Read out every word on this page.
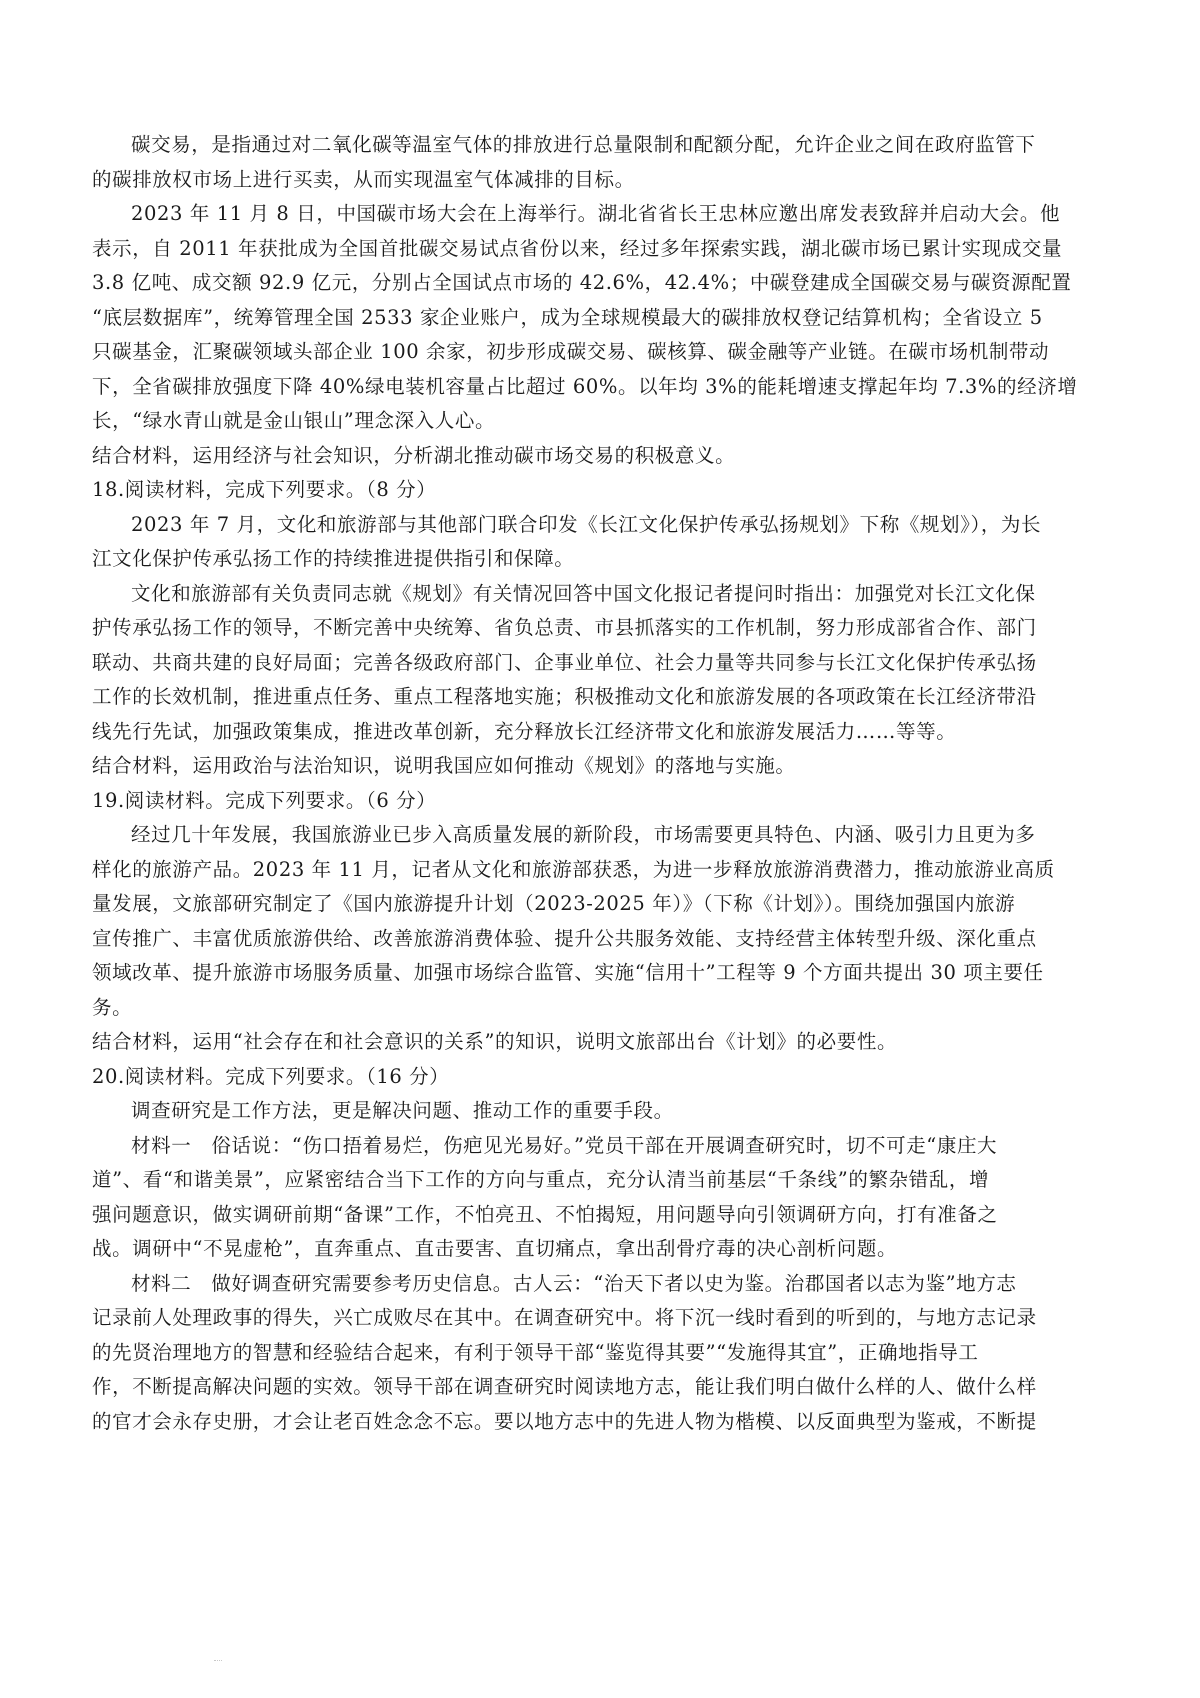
碳交易，是指通过对二氧化碳等温室气体的排放进行总量限制和配额分配，允许企业之间在政府监管下
的碳排放权市场上进行买卖，从而实现温室气体减排的目标。
2023 年 11 月 8 日，中国碳市场大会在上海举行。湖北省省长王忠林应邀出席发表致辞并启动大会。他
表示，自 2011 年获批成为全国首批碳交易试点省份以来，经过多年探索实践，湖北碳市场已累计实现成交量
3.8 亿吨、成交额 92.9 亿元，分别占全国试点市场的 42.6%，42.4%；中碳登建成全国碳交易与碳资源配置
“底层数据库”，统筹管理全国 2533 家企业账户，成为全球规模最大的碳排放权登记结算机构；全省设立 5
只碳基金，汇聚碳领域头部企业 100 余家，初步形成碳交易、碳核算、碳金融等产业链。在碳市场机制带动
下，全省碳排放强度下降 40%绿电装机容量占比超过 60%。以年均 3%的能耗增速支撑起年均 7.3%的经济增
长，“绿水青山就是金山银山”理念深入人心。
结合材料，运用经济与社会知识，分析湖北推动碳市场交易的积极意义。
18.阅读材料，完成下列要求。（8 分）
2023 年 7 月，文化和旅游部与其他部门联合印发《长江文化保护传承弘扬规划》下称《规划》），为长
江文化保护传承弘扬工作的持续推进提供指引和保障。
文化和旅游部有关负责同志就《规划》有关情况回答中国文化报记者提问时指出：加强党对长江文化保
护传承弘扬工作的领导，不断完善中央统筹、省负总责、市县抓落实的工作机制，努力形成部省合作、部门
联动、共商共建的良好局面；完善各级政府部门、企事业单位、社会力量等共同参与长江文化保护传承弘扬
工作的长效机制，推进重点任务、重点工程落地实施；积极推动文化和旅游发展的各项政策在长江经济带沿
线先行先试，加强政策集成，推进改革创新，充分释放长江经济带文化和旅游发展活力……等等。
结合材料，运用政治与法治知识，说明我国应如何推动《规划》的落地与实施。
19.阅读材料。完成下列要求。（6 分）
经过几十年发展，我国旅游业已步入高质量发展的新阶段，市场需要更具特色、内涵、吸引力且更为多
样化的旅游产品。2023 年 11 月，记者从文化和旅游部获悉，为进一步释放旅游消费潜力，推动旅游业高质
量发展，文旅部研究制定了《国内旅游提升计划（2023-2025 年）》（下称《计划》）。围绕加强国内旅游
宣传推广、丰富优质旅游供给、改善旅游消费体验、提升公共服务效能、支持经营主体转型升级、深化重点
领域改革、提升旅游市场服务质量、加强市场综合监管、实施“信用十”工程等 9 个方面共提出 30 项主要任
务。
结合材料，运用“社会存在和社会意识的关系”的知识，说明文旅部出台《计划》的必要性。
20.阅读材料。完成下列要求。（16 分）
调查研究是工作方法，更是解决问题、推动工作的重要手段。
材料一　俗话说：“伤口捂着易烂，伤疤见光易好。”党员干部在开展调查研究时，切不可走“康庄大
道”、看“和谐美景”，应紧密结合当下工作的方向与重点，充分认清当前基层“千条线”的繁杂错乱，增
强问题意识，做实调研前期“备课”工作，不怕亮丑、不怕揭短，用问题导向引领调研方向，打有准备之
战。调研中“不晃虚枪”，直奔重点、直击要害、直切痛点，拿出刮骨疗毒的决心剖析问题。
材料二　做好调查研究需要参考历史信息。古人云：“治天下者以史为鉴。治郡国者以志为鉴”地方志
记录前人处理政事的得失，兴亡成败尽在其中。在调查研究中。将下沉一线时看到的听到的，与地方志记录
的先贤治理地方的智慧和经验结合起来，有利于领导干部“鉴览得其要”“发施得其宜”，正确地指导工
作，不断提高解决问题的实效。领导干部在调查研究时阅读地方志，能让我们明白做什么样的人、做什么样
的官才会永存史册，才会让老百姓念念不忘。要以地方志中的先进人物为楷模、以反面典型为鉴戒，不断提
